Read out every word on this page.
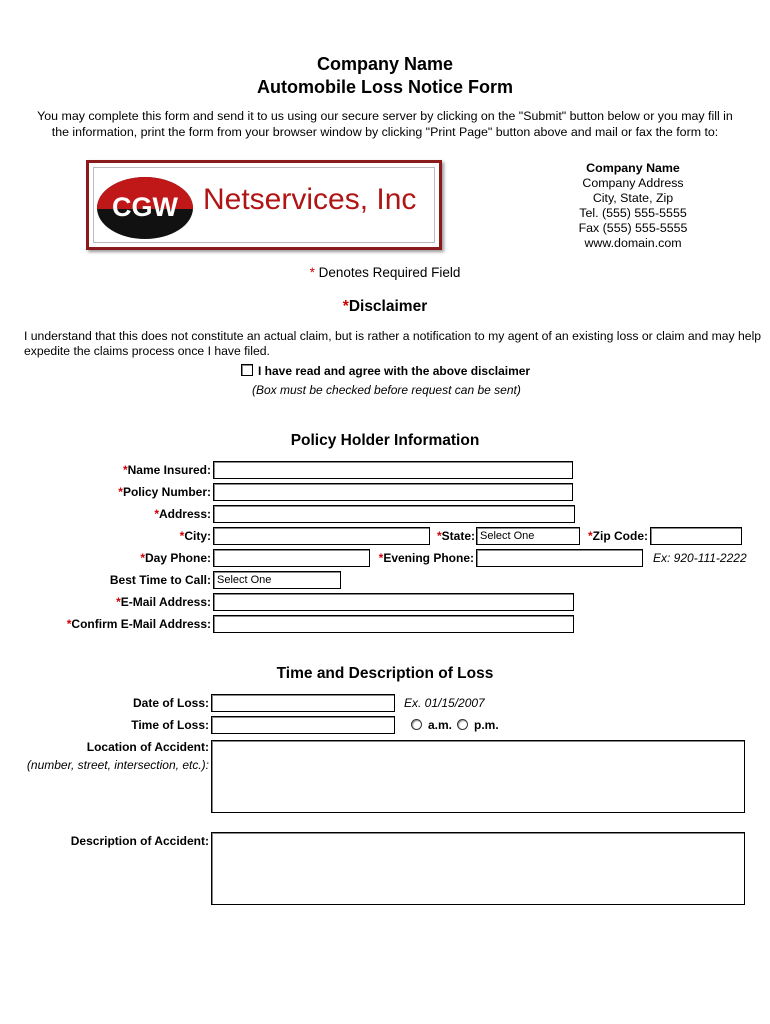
Company Name
Automobile Loss Notice Form
You may complete this form and send it to us using our secure server by clicking on the "Submit" button below or you may fill in
the information, print the form from your browser window by clicking "Print Page" button above and mail or fax the form to:
CGW Netservices, Inc
Company Name
Company Address
City, State, Zip
Tel. (555) 555-5555
Fax (555) 555-5555
www.domain.com
* Denotes Required Field
*Disclaimer
I understand that this does not constitute an actual claim, but is rather a notification to my agent of an existing loss or claim and may help
expedite the claims process once I have filed.
I have read and agree with the above disclaimer
(Box must be checked before request can be sent)
Policy Holder Information
*Name Insured:
*Policy Number:
*Address:
*City:	*State: Select One	*Zip Code:
*Day Phone:	*Evening Phone:	Ex: 920-111-2222
Best Time to Call: Select One
*E-Mail Address:
*Confirm E-Mail Address:
Time and Description of Loss
Date of Loss:	Ex. 01/15/2007
Time of Loss:	a.m. p.m.
Location of Accident:
(number, street, intersection, etc.):
Description of Accident:
